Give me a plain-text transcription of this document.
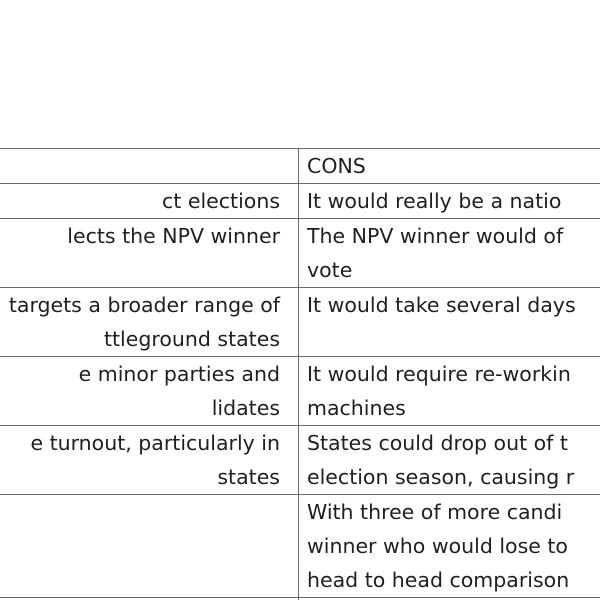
	CONS

ct elections	It would really be a natio

lects the NPV winner	The NPV winner would of
vote

targets a broader range of
ttleground states	It would take several days

e minor parties and
lidates	It would require re-workin
machines

e turnout, particularly in
states	States could drop out of t
election season, causing r

	With three of more candi
winner who would lose to
head to head comparison
